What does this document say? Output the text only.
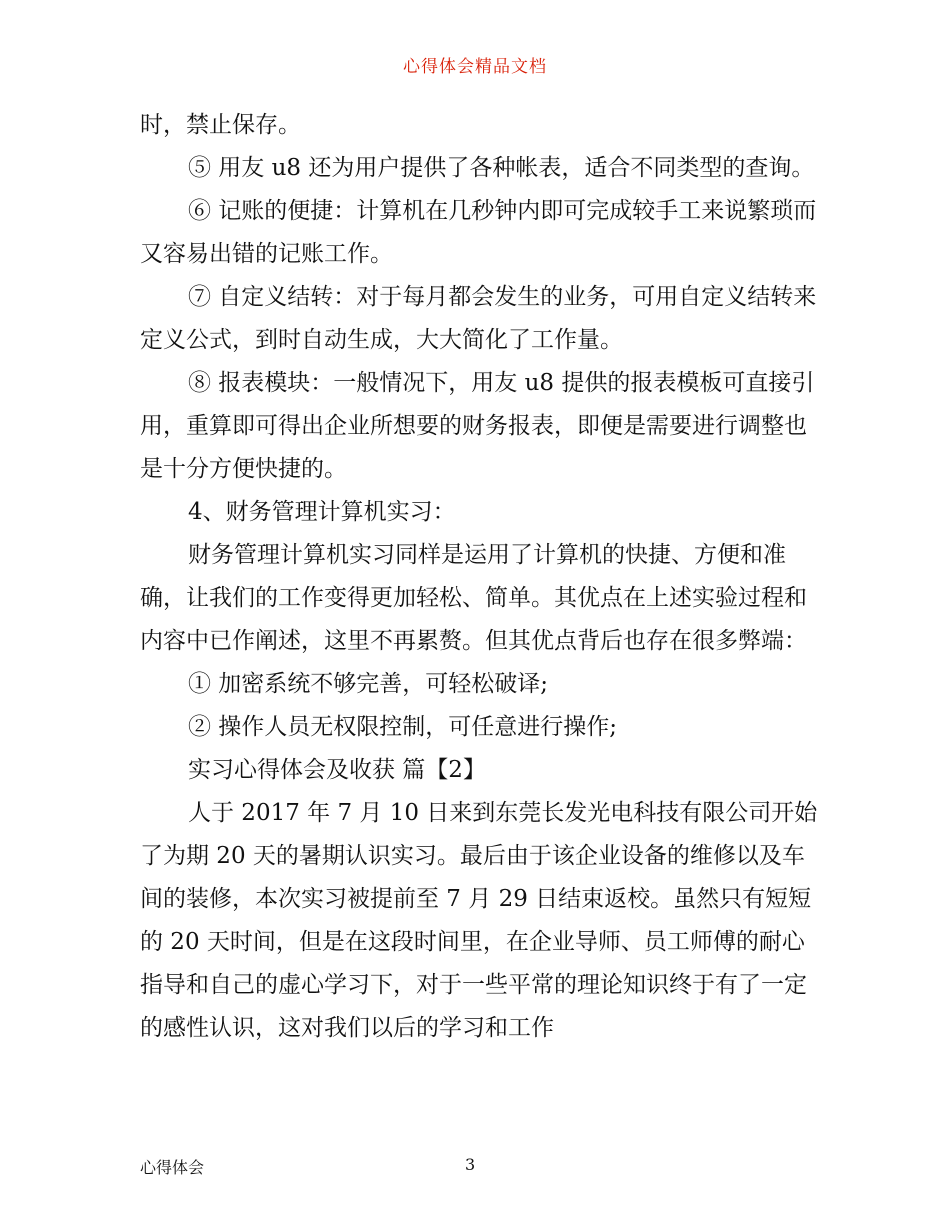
心得体会精品文档

时，禁止保存。

⑤ 用友 u8 还为用户提供了各种帐表，适合不同类型的查询。

⑥ 记账的便捷：计算机在几秒钟内即可完成较手工来说繁琐而又容易出错的记账工作。

⑦ 自定义结转：对于每月都会发生的业务，可用自定义结转来定义公式，到时自动生成，大大简化了工作量。

⑧ 报表模块：一般情况下，用友 u8 提供的报表模板可直接引用，重算即可得出企业所想要的财务报表，即便是需要进行调整也是十分方便快捷的。

4、财务管理计算机实习：

财务管理计算机实习同样是运用了计算机的快捷、方便和准确，让我们的工作变得更加轻松、简单。其优点在上述实验过程和内容中已作阐述，这里不再累赘。但其优点背后也存在很多弊端：

① 加密系统不够完善，可轻松破译;

② 操作人员无权限控制，可任意进行操作;

实习心得体会及收获 篇【2】

人于 2017 年 7 月 10 日来到东莞长发光电科技有限公司开始了为期 20 天的暑期认识实习。最后由于该企业设备的维修以及车间的装修，本次实习被提前至 7 月 29 日结束返校。虽然只有短短的 20 天时间，但是在这段时间里，在企业导师、员工师傅的耐心指导和自己的虚心学习下，对于一些平常的理论知识终于有了一定的感性认识，这对我们以后的学习和工作

心得体会	3
